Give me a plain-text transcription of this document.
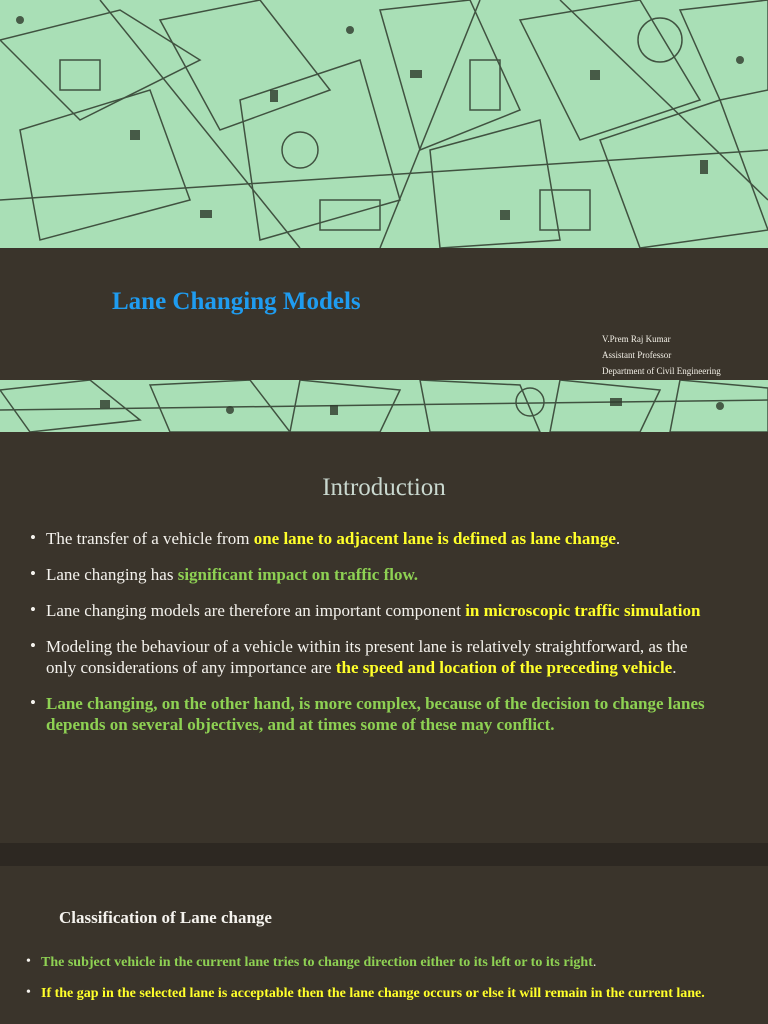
Lane Changing Models
V.Prem Raj Kumar
Assistant Professor
Department of Civil Engineering
Introduction
• The transfer of a vehicle from one lane to adjacent lane is defined as lane change.
• Lane changing has significant impact on traffic flow.
• Lane changing models are therefore an important component in microscopic traffic simulation
• Modeling the behaviour of a vehicle within its present lane is relatively straightforward, as the only considerations of any importance are the speed and location of the preceding vehicle.
• Lane changing, on the other hand, is more complex, because of the decision to change lanes depends on several objectives, and at times some of these may conflict.
Classification of Lane change
• The subject vehicle in the current lane tries to change direction either to its left or to its right.
• If the gap in the selected lane is acceptable then the lane change occurs or else it will remain in the current lane.
